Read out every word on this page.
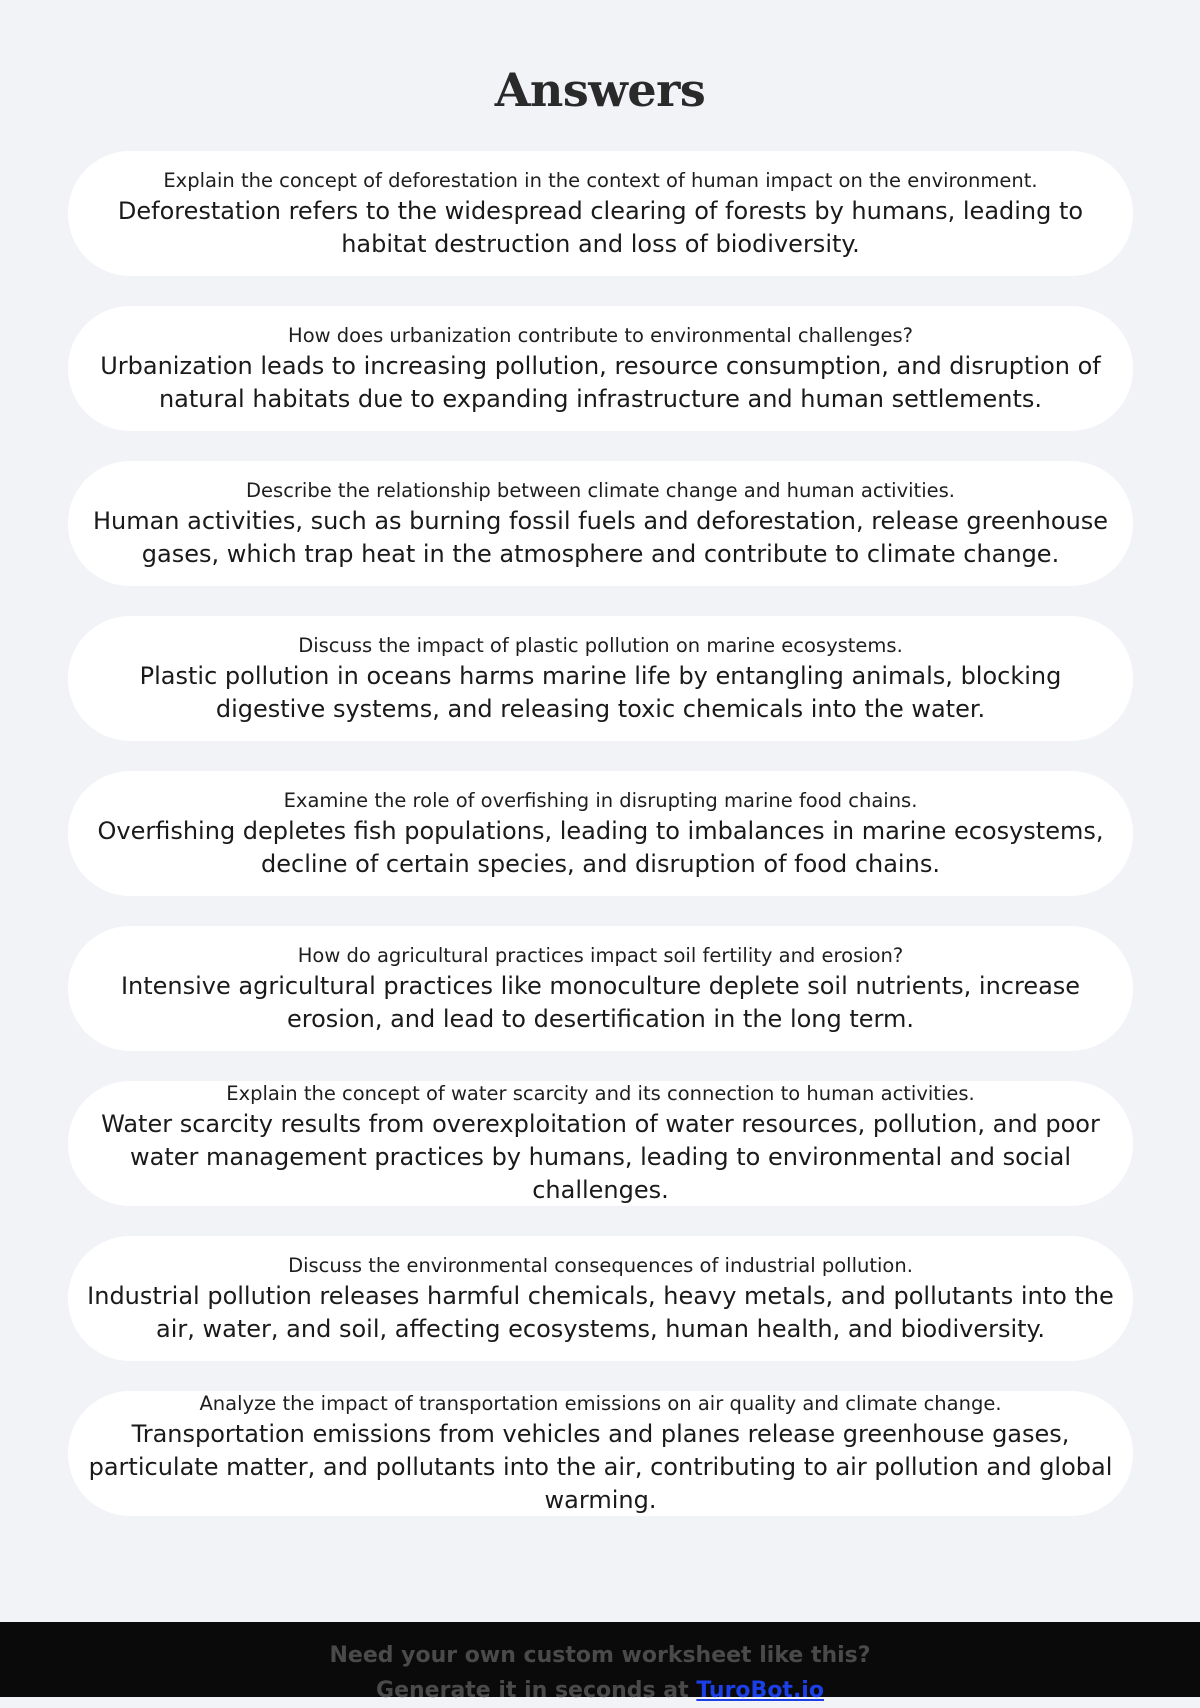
Answers
Explain the concept of deforestation in the context of human impact on the environment.
Deforestation refers to the widespread clearing of forests by humans, leading to habitat destruction and loss of biodiversity.
How does urbanization contribute to environmental challenges?
Urbanization leads to increasing pollution, resource consumption, and disruption of natural habitats due to expanding infrastructure and human settlements.
Describe the relationship between climate change and human activities.
Human activities, such as burning fossil fuels and deforestation, release greenhouse gases, which trap heat in the atmosphere and contribute to climate change.
Discuss the impact of plastic pollution on marine ecosystems.
Plastic pollution in oceans harms marine life by entangling animals, blocking digestive systems, and releasing toxic chemicals into the water.
Examine the role of overfishing in disrupting marine food chains.
Overfishing depletes fish populations, leading to imbalances in marine ecosystems, decline of certain species, and disruption of food chains.
How do agricultural practices impact soil fertility and erosion?
Intensive agricultural practices like monoculture deplete soil nutrients, increase erosion, and lead to desertification in the long term.
Explain the concept of water scarcity and its connection to human activities.
Water scarcity results from overexploitation of water resources, pollution, and poor water management practices by humans, leading to environmental and social challenges.
Discuss the environmental consequences of industrial pollution.
Industrial pollution releases harmful chemicals, heavy metals, and pollutants into the air, water, and soil, affecting ecosystems, human health, and biodiversity.
Analyze the impact of transportation emissions on air quality and climate change.
Transportation emissions from vehicles and planes release greenhouse gases, particulate matter, and pollutants into the air, contributing to air pollution and global warming.
Need your own custom worksheet like this?
Generate it in seconds at TuroBot.io
